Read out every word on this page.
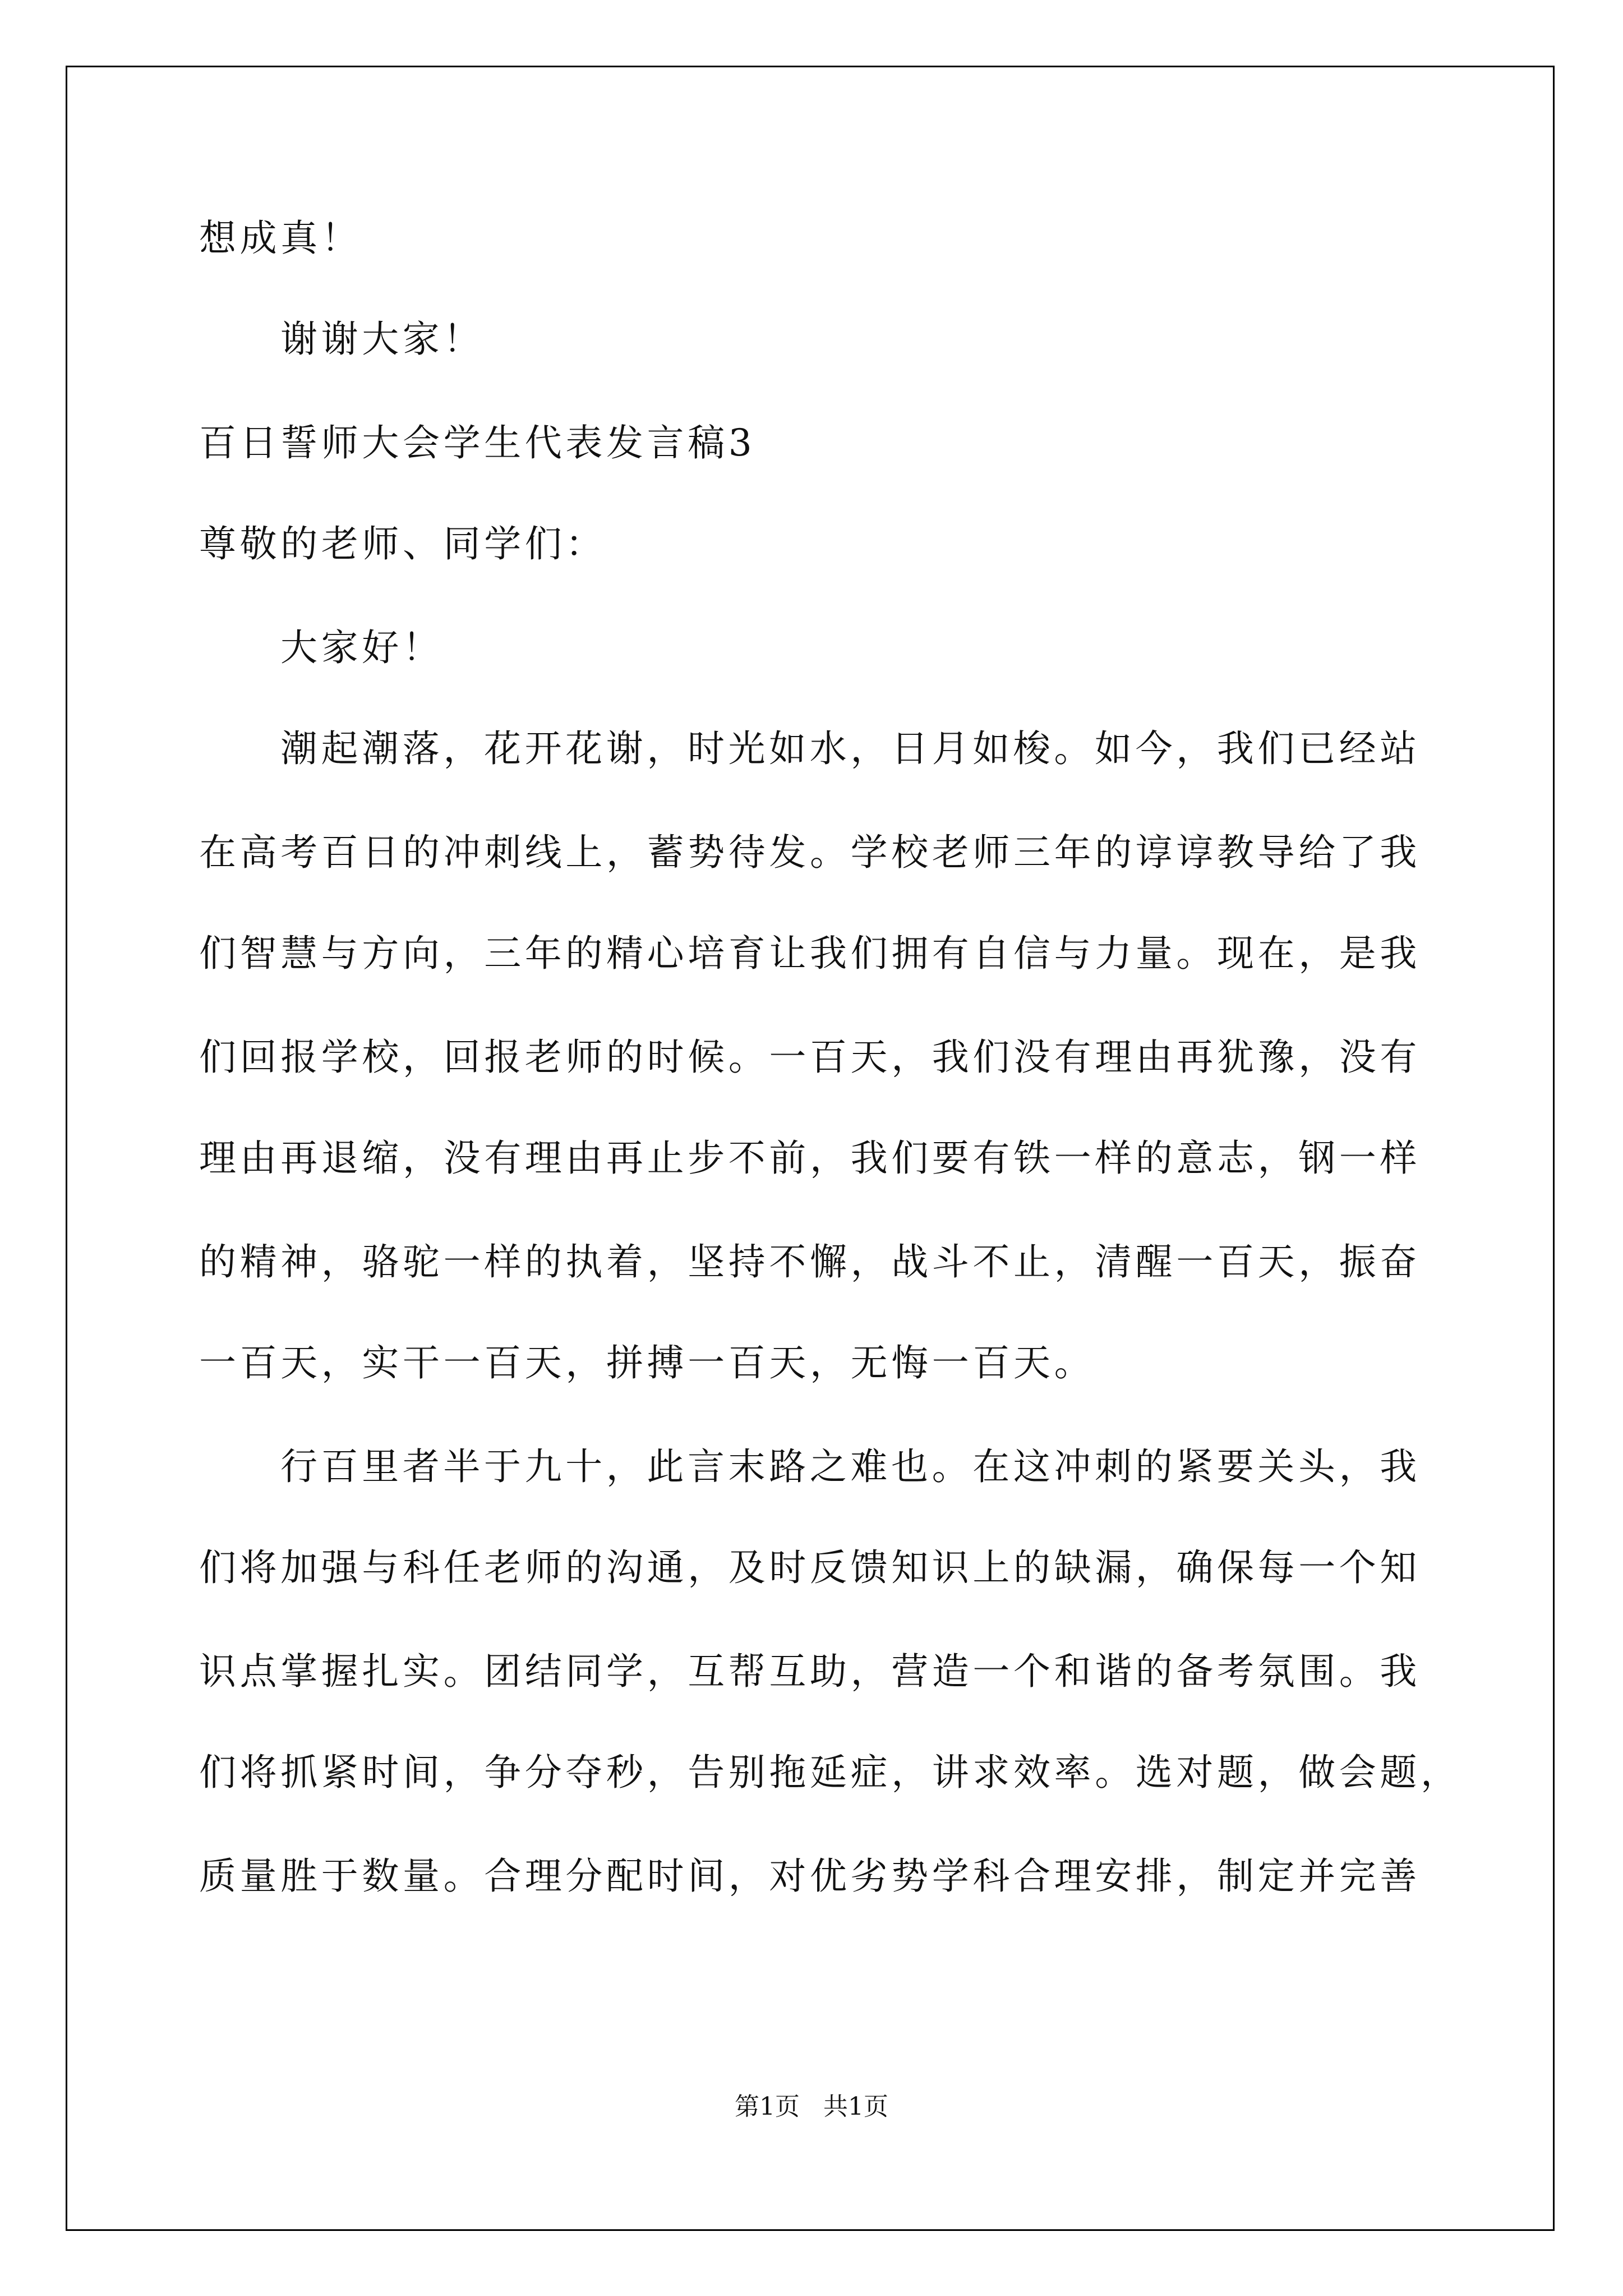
想成真！
谢谢大家！
百日誓师大会学生代表发言稿3
尊敬的老师、同学们：
大家好！
潮起潮落，花开花谢，时光如水，日月如梭。如今，我们已经站
在高考百日的冲刺线上，蓄势待发。学校老师三年的谆谆教导给了我
们智慧与方向，三年的精心培育让我们拥有自信与力量。现在，是我
们回报学校，回报老师的时候。一百天，我们没有理由再犹豫，没有
理由再退缩，没有理由再止步不前，我们要有铁一样的意志，钢一样
的精神，骆驼一样的执着，坚持不懈，战斗不止，清醒一百天，振奋
一百天，实干一百天，拼搏一百天，无悔一百天。
行百里者半于九十，此言末路之难也。在这冲刺的紧要关头，我
们将加强与科任老师的沟通，及时反馈知识上的缺漏，确保每一个知
识点掌握扎实。团结同学，互帮互助，营造一个和谐的备考氛围。我
们将抓紧时间，争分夺秒，告别拖延症，讲求效率。选对题，做会题，
质量胜于数量。合理分配时间，对优劣势学科合理安排，制定并完善
第1页 共1页
